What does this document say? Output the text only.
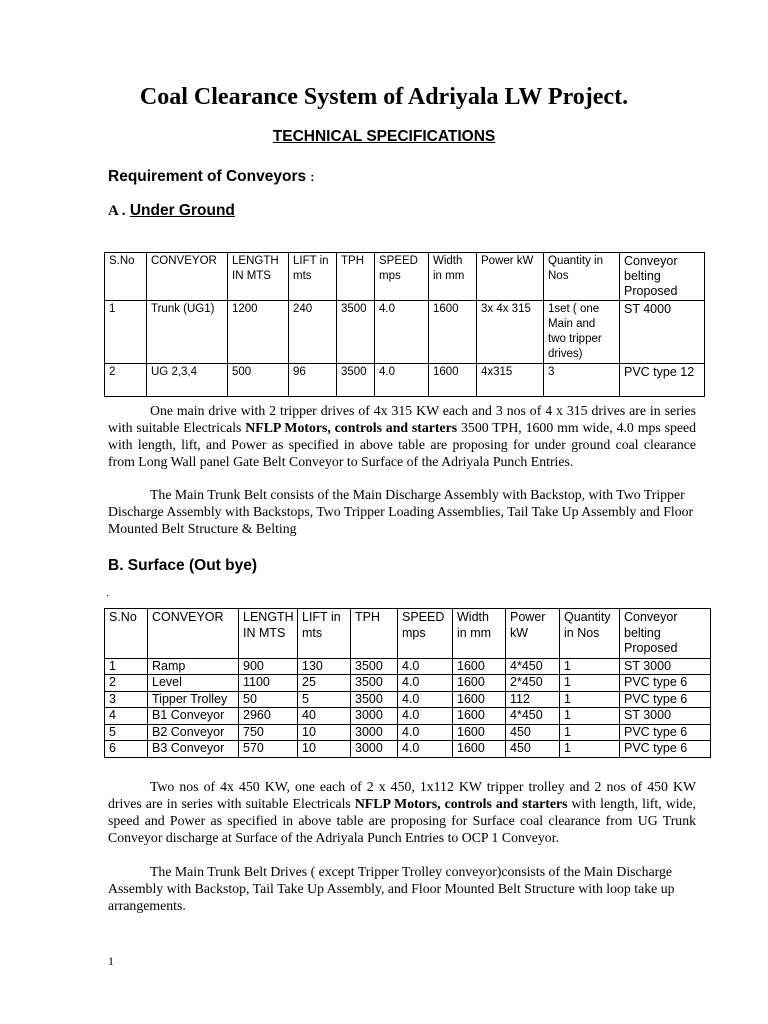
Coal Clearance System of Adriyala LW Project.
TECHNICAL SPECIFICATIONS
Requirement of Conveyors :
A . Under Ground
S.No	CONVEYOR	LENGTH IN MTS	LIFT in mts	TPH	SPEED mps	Width in mm	Power kW	Quantity in Nos	Conveyor belting Proposed
1	Trunk (UG1)	1200	240	3500	4.0	1600	3x 4x 315	1set ( one Main and two tripper drives)	ST 4000
2	UG 2,3,4	500	96	3500	4.0	1600	4x315	3	PVC type 12

One main drive with 2 tripper drives of 4x 315 KW each and 3 nos of 4 x 315 drives are in series with suitable Electricals NFLP Motors, controls and starters 3500 TPH, 1600 mm wide, 4.0 mps speed with length, lift, and Power as specified in above table are proposing for under ground coal clearance from Long Wall panel Gate Belt Conveyor to Surface of the Adriyala Punch Entries.

The Main Trunk Belt consists of the Main Discharge Assembly with Backstop, with Two Tripper Discharge Assembly with Backstops, Two Tripper Loading Assemblies, Tail Take Up Assembly and Floor Mounted Belt Structure & Belting

B. Surface (Out bye)
.
S.No	CONVEYOR	LENGTH IN MTS	LIFT in mts	TPH	SPEED mps	Width in mm	Power kW	Quantity in Nos	Conveyor belting Proposed
1	Ramp	900	130	3500	4.0	1600	4*450	1	ST 3000
2	Level	1100	25	3500	4.0	1600	2*450	1	PVC type 6
3	Tipper Trolley	50	5	3500	4.0	1600	112	1	PVC type 6
4	B1 Conveyor	2960	40	3000	4.0	1600	4*450	1	ST 3000
5	B2 Conveyor	750	10	3000	4.0	1600	450	1	PVC type 6
6	B3 Conveyor	570	10	3000	4.0	1600	450	1	PVC type 6

Two nos of 4x 450 KW, one each of 2 x 450, 1x112 KW tripper trolley and 2 nos of 450 KW drives are in series with suitable Electricals NFLP Motors, controls and starters with length, lift, wide, speed and Power as specified in above table are proposing for Surface coal clearance from UG Trunk Conveyor discharge at Surface of the Adriyala Punch Entries to OCP 1 Conveyor.

The Main Trunk Belt Drives ( except Tripper Trolley conveyor)consists of the Main Discharge Assembly with Backstop, Tail Take Up Assembly, and Floor Mounted Belt Structure with loop take up arrangements.

1
